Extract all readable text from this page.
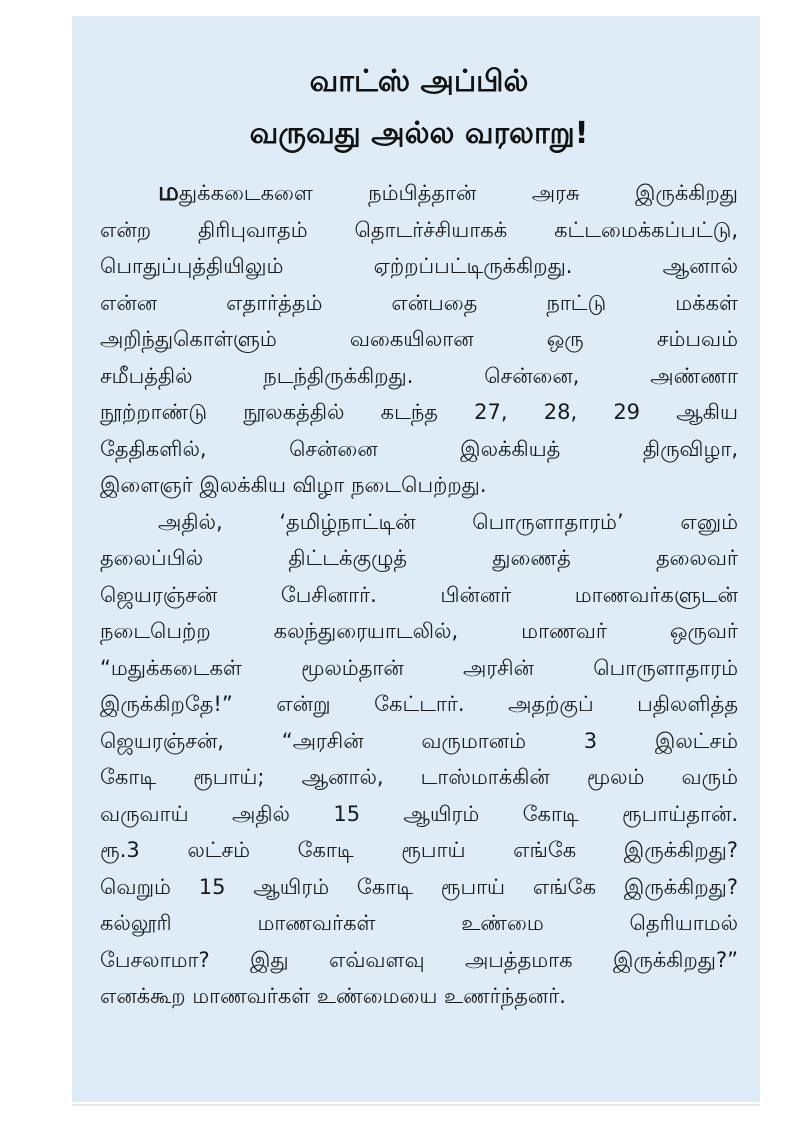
வாட்ஸ் அப்பில்
வருவது அல்ல வரலாறு!
மதுக்கடைகளை நம்பித்தான் அரசு இருக்கிறது
என்ற திரிபுவாதம் தொடர்ச்சியாகக் கட்டமைக்கப்பட்டு,
பொதுப்புத்தியிலும் ஏற்றப்பட்டிருக்கிறது. ஆனால்
என்ன எதார்த்தம் என்பதை நாட்டு மக்கள்
அறிந்துகொள்ளும் வகையிலான ஒரு சம்பவம்
சமீபத்தில் நடந்திருக்கிறது. சென்னை, அண்ணா
நூற்றாண்டு நூலகத்தில் கடந்த 27, 28, 29 ஆகிய
தேதிகளில், சென்னை இலக்கியத் திருவிழா,
இளைஞர் இலக்கிய விழா நடைபெற்றது.
அதில், ‘தமிழ்நாட்டின் பொருளாதாரம்’ எனும்
தலைப்பில் திட்டக்குழுத் துணைத் தலைவர்
ஜெயரஞ்சன் பேசினார். பின்னர் மாணவர்களுடன்
நடைபெற்ற கலந்துரையாடலில், மாணவர் ஒருவர்
“மதுக்கடைகள் மூலம்தான் அரசின் பொருளாதாரம்
இருக்கிறதே!” என்று கேட்டார். அதற்குப் பதிலளித்த
ஜெயரஞ்சன், “அரசின் வருமானம் 3 இலட்சம்
கோடி ரூபாய்; ஆனால், டாஸ்மாக்கின் மூலம் வரும்
வருவாய் அதில் 15 ஆயிரம் கோடி ரூபாய்தான்.
ரூ.3 லட்சம் கோடி ரூபாய் எங்கே இருக்கிறது?
வெறும் 15 ஆயிரம் கோடி ரூபாய் எங்கே இருக்கிறது?
கல்லூரி மாணவர்கள் உண்மை தெரியாமல்
பேசலாமா? இது எவ்வளவு அபத்தமாக இருக்கிறது?”
எனக்கூற மாணவர்கள் உண்மையை உணர்ந்தனர்.
